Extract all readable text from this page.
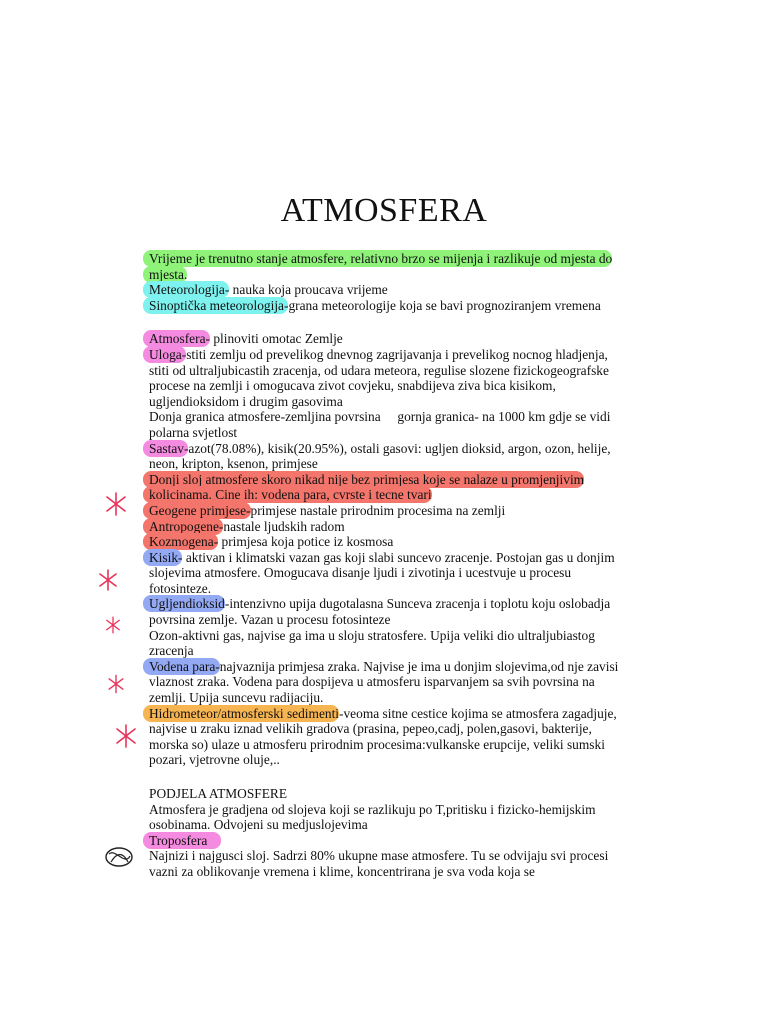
ATMOSFERA

Vrijeme je trenutno stanje atmosfere, relativno brzo se mijenja i razlikuje od mjesta do mjesta.

Meteorologija- nauka koja proucava vrijeme

Sinoptička meteorologija-grana meteorologije koja se bavi prognoziranjem vremena

Atmosfera- plinoviti omotac Zemlje

Uloga-stiti zemlju od prevelikog dnevnog zagrijavanja i prevelikog nocnog hladjenja, stiti od ultraljubicastih zracenja, od udara meteora, regulise slozene fizickogeografske procese na zemlji i omogucava zivot covjeku, snabdijeva ziva bica kisikom, ugljendioksidom i drugim gasovima

Donja granica atmosfere-zemljina povrsina     gornja granica- na 1000 km gdje se vidi polarna svjetlost

Sastav-azot(78.08%), kisik(20.95%), ostali gasovi: ugljen dioksid, argon, ozon, helije, neon, kripton, ksenon, primjese

Donji sloj atmosfere skoro nikad nije bez primjesa koje se nalaze u promjenjivim kolicinama. Cine ih: vodena para, cvrste i tecne tvari

Geogene primjese-primjese nastale prirodnim procesima na zemlji

Antropogene-nastale ljudskih radom

Kozmogena- primjesa koja potice iz kosmosa

Kisik- aktivan i klimatski vazan gas koji slabi suncevo zracenje. Postojan gas u donjim slojevima atmosfere. Omogucava disanje ljudi i zivotinja i ucestvuje u procesu fotosinteze.

Ugljendioksid-intenzivno upija dugotalasna Sunceva zracenja i toplotu koju oslobadja povrsina zemlje. Vazan u procesu fotosinteze

Ozon-aktivni gas, najvise ga ima u sloju stratosfere. Upija veliki dio ultraljubiastog zracenja

Vodena para-najvaznija primjesa zraka. Najvise je ima u donjim slojevima,od nje zavisi vlaznost zraka. Vodena para dospijeva u atmosferu isparvanjem sa svih povrsina na zemlji. Upija suncevu radijaciju.

Hidrometeor/atmosferski sedimenti-veoma sitne cestice kojima se atmosfera zagadjuje, najvise u zraku iznad velikih gradova (prasina, pepeo,cadj, polen,gasovi, bakterije, morska so) ulaze u atmosferu prirodnim procesima:vulkanske erupcije, veliki sumski pozari, vjetrovne oluje,..

PODJELA ATMOSFERE

Atmosfera je gradjena od slojeva koji se razlikuju po T,pritisku i fizicko-hemijskim osobinama. Odvojeni su medjuslojevima

Troposfera

Najnizi i najgusci sloj. Sadrzi 80% ukupne mase atmosfere. Tu se odvijaju svi procesi vazni za oblikovanje vremena i klime, koncentrirana je sva voda koja se
